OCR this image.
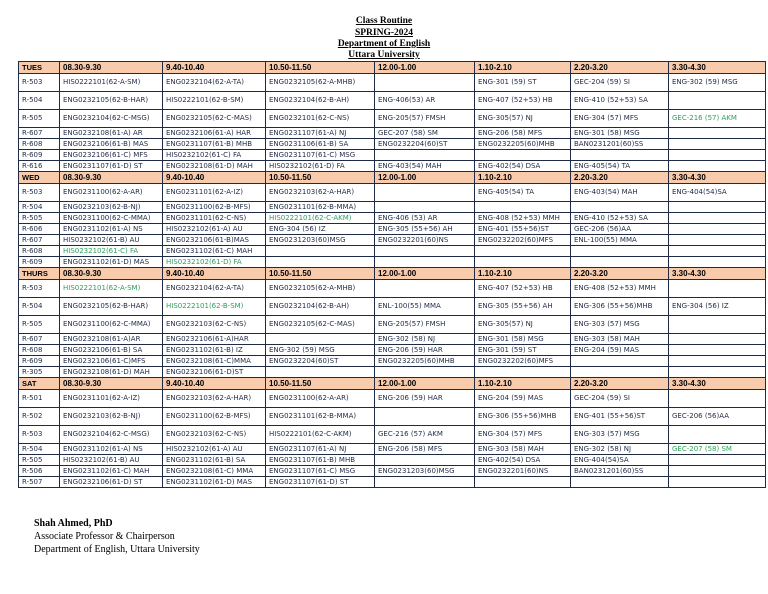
Class Routine
SPRING-2024
Department of English
Uttara University
TUES	08.30-9.30	9.40-10.40	10.50-11.50	12.00-1.00	1.10-2.10	2.20-3.20	3.30-4.30
R-503	HIS0222101(62-A-SM)	ENG0232104(62-A-TA)	ENG0232105(62-A-MHB)		ENG-301 (59) ST	GEC-204 (59) SI	ENG-302 (59) MSG
R-504	ENG0232105(62-B-HAR)	HIS0222101(62-B-SM)	ENG0232104(62-B-AH)	ENG-406(53) AR	ENG-407 (52+53) HB	ENG-410 (52+53) SA	
R-505	ENG0232104(62-C-MSG)	ENG0232105(62-C-MAS)	ENG0232101(62-C-NS)	ENG-205(57) FMSH	ENG-305(57) NJ	ENG-304 (57) MFS	GEC-216 (57) AKM
R-607	ENG0232108(61-A) AR	ENG0232106(61-A) HAR	ENG0231107(61-A) NJ	GEC-207 (58) SM	ENG-206 (58) MFS	ENG-301 (58) MSG	
R-608	ENG0232106(61-B) MAS	ENG0231107(61-B) MHB	ENG0231106(61-B) SA	ENG0232204(60)ST	ENG0232205(60)MHB	BAN0231201(60)SS	
R-609	ENG0232106(61-C) MFS	HIS0232102(61-C) FA	ENG0231107(61-C) MSG				
R-616	ENG0231107(61-D) ST	ENG0232108(61-D) MAH	HIS0232102(61-D) FA	ENG-403(54) MAH	ENG-402(54) DSA	ENG-405(54) TA	
WED	08.30-9.30	9.40-10.40	10.50-11.50	12.00-1.00	1.10-2.10	2.20-3.20	3.30-4.30
R-503	ENG0231100(62-A-AR)	ENG0231101(62-A-IZ)	ENG0232103(62-A-HAR)		ENG-405(54) TA	ENG-403(54) MAH	ENG-404(54)SA
R-504	ENG0232103(62-B-NJ)	ENG0231100(62-B-MFS)	ENG0231101(62-B-MMA)				
R-505	ENG0231100(62-C-MMA)	ENG0231101(62-C-NS)	HIS0222101(62-C-AKM)	ENG-406 (53) AR	ENG-408 (52+53) MMH	ENG-410 (52+53) SA	
R-606	ENG0231102(61-A) NS	HIS0232102(61-A) AU	ENG-304 (56) IZ	ENG-305 (55+56) AH	ENG-401 (55+56)ST	GEC-206 (56)AA	
R-607	HIS0232102(61-B) AU	ENG0232106(61-B)MAS	ENG0231203(60)MSG	ENG0232201(60)NS	ENG0232202(60)MFS	ENL-100(55) MMA	
R-608	HIS0232102(61-C) FA	ENG0231102(61-C) MAH					
R-609	ENG0231102(61-D) MAS	HIS0232102(61-D) FA					
THURS	08.30-9.30	9.40-10.40	10.50-11.50	12.00-1.00	1.10-2.10	2.20-3.20	3.30-4.30
R-503	HIS0222101(62-A-SM)	ENG0232104(62-A-TA)	ENG0232105(62-A-MHB)		ENG-407 (52+53) HB	ENG-408 (52+53) MMH	
R-504	ENG0232105(62-B-HAR)	HIS0222101(62-B-SM)	ENG0232104(62-B-AH)	ENL-100(55) MMA	ENG-305 (55+56) AH	ENG-306 (55+56)MHB	ENG-304 (56) IZ
R-505	ENG0231100(62-C-MMA)	ENG0232103(62-C-NS)	ENG0232105(62-C-MAS)	ENG-205(57) FMSH	ENG-305(57) NJ	ENG-303 (57) MSG	
R-607	ENG0232108(61-A)AR	ENG0232106(61-A)HAR		ENG-302 (58) NJ	ENG-301 (58) MSG	ENG-303 (58) MAH	
R-608	ENG0232106(61-B) SA	ENG0231102(61-B) IZ	ENG-302 (59) MSG	ENG-206 (59) HAR	ENG-301 (59) ST	ENG-204 (59) MAS	
R-609	ENG0232106(61-C)MFS	ENG0232108(61-C)MMA	ENG0232204(60)ST	ENG0232205(60)MHB	ENG0232202(60)MFS		
R-305	ENG0232108(61-D) MAH	ENG0232106(61-D)ST					
SAT	08.30-9.30	9.40-10.40	10.50-11.50	12.00-1.00	1.10-2.10	2.20-3.20	3.30-4.30
R-501	ENG0231101(62-A-IZ)	ENG0232103(62-A-HAR)	ENG0231100(62-A-AR)	ENG-206 (59) HAR	ENG-204 (59) MAS	GEC-204 (59) SI	
R-502	ENG0232103(62-B-NJ)	ENG0231100(62-B-MFS)	ENG0231101(62-B-MMA)		ENG-306 (55+56)MHB	ENG-401 (55+56)ST	GEC-206 (56)AA
R-503	ENG0232104(62-C-MSG)	ENG0232103(62-C-NS)	HIS0222101(62-C-AKM)	GEC-216 (57) AKM	ENG-304 (57) MFS	ENG-303 (57) MSG	
R-504	ENG0231102(61-A) NS	HIS0232102(61-A) AU	ENG0231107(61-A) NJ	ENG-206 (58) MFS	ENG-303 (58) MAH	ENG-302 (58) NJ	GEC-207 (58) SM
R-505	HIS0232102(61-B) AU	ENG0231102(61-B) SA	ENG0231107(61-B) MHB		ENG-402(54) DSA	ENG-404(54)SA	
R-506	ENG0231102(61-C) MAH	ENG0232108(61-C) MMA	ENG0231107(61-C) MSG	ENG0231203(60)MSG	ENG0232201(60)NS	BAN0231201(60)SS	
R-507	ENG0232106(61-D) ST	ENG0231102(61-D) MAS	ENG0231107(61-D) ST				
Shah Ahmed, PhD
Associate Professor & Chairperson
Department of English, Uttara University
